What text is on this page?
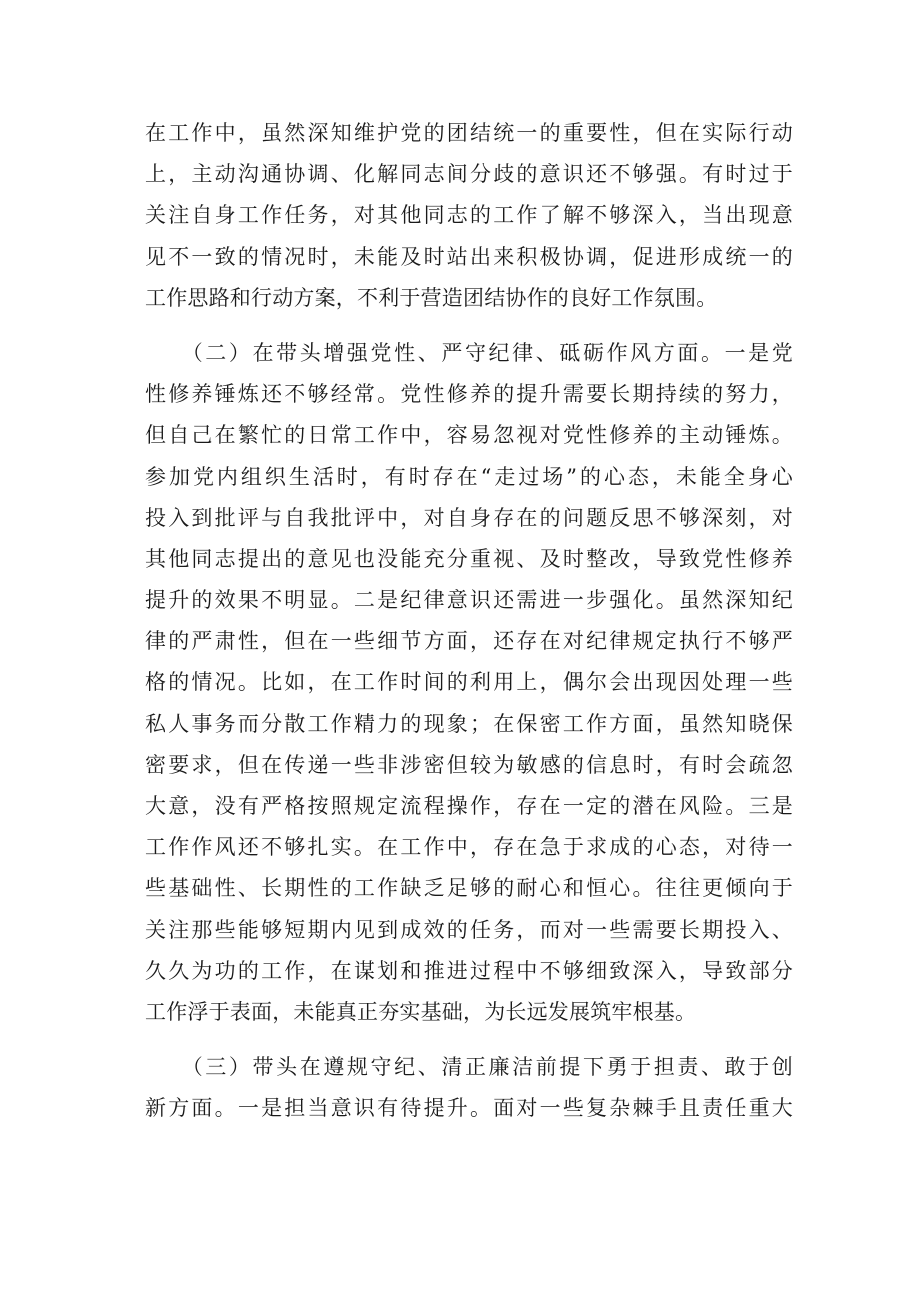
在工作中，虽然深知维护党的团结统一的重要性，但在实际行动
上，主动沟通协调、化解同志间分歧的意识还不够强。有时过于
关注自身工作任务，对其他同志的工作了解不够深入，当出现意
见不一致的情况时，未能及时站出来积极协调，促进形成统一的
工作思路和行动方案，不利于营造团结协作的良好工作氛围。
　　（二）在带头增强党性、严守纪律、砥砺作风方面。一是党
性修养锤炼还不够经常。党性修养的提升需要长期持续的努力，
但自己在繁忙的日常工作中，容易忽视对党性修养的主动锤炼。
参加党内组织生活时，有时存在“走过场”的心态，未能全身心
投入到批评与自我批评中，对自身存在的问题反思不够深刻，对
其他同志提出的意见也没能充分重视、及时整改，导致党性修养
提升的效果不明显。二是纪律意识还需进一步强化。虽然深知纪
律的严肃性，但在一些细节方面，还存在对纪律规定执行不够严
格的情况。比如，在工作时间的利用上，偶尔会出现因处理一些
私人事务而分散工作精力的现象；在保密工作方面，虽然知晓保
密要求，但在传递一些非涉密但较为敏感的信息时，有时会疏忽
大意，没有严格按照规定流程操作，存在一定的潜在风险。三是
工作作风还不够扎实。在工作中，存在急于求成的心态，对待一
些基础性、长期性的工作缺乏足够的耐心和恒心。往往更倾向于
关注那些能够短期内见到成效的任务，而对一些需要长期投入、
久久为功的工作，在谋划和推进过程中不够细致深入，导致部分
工作浮于表面，未能真正夯实基础，为长远发展筑牢根基。
　　（三）带头在遵规守纪、清正廉洁前提下勇于担责、敢于创
新方面。一是担当意识有待提升。面对一些复杂棘手且责任重大
